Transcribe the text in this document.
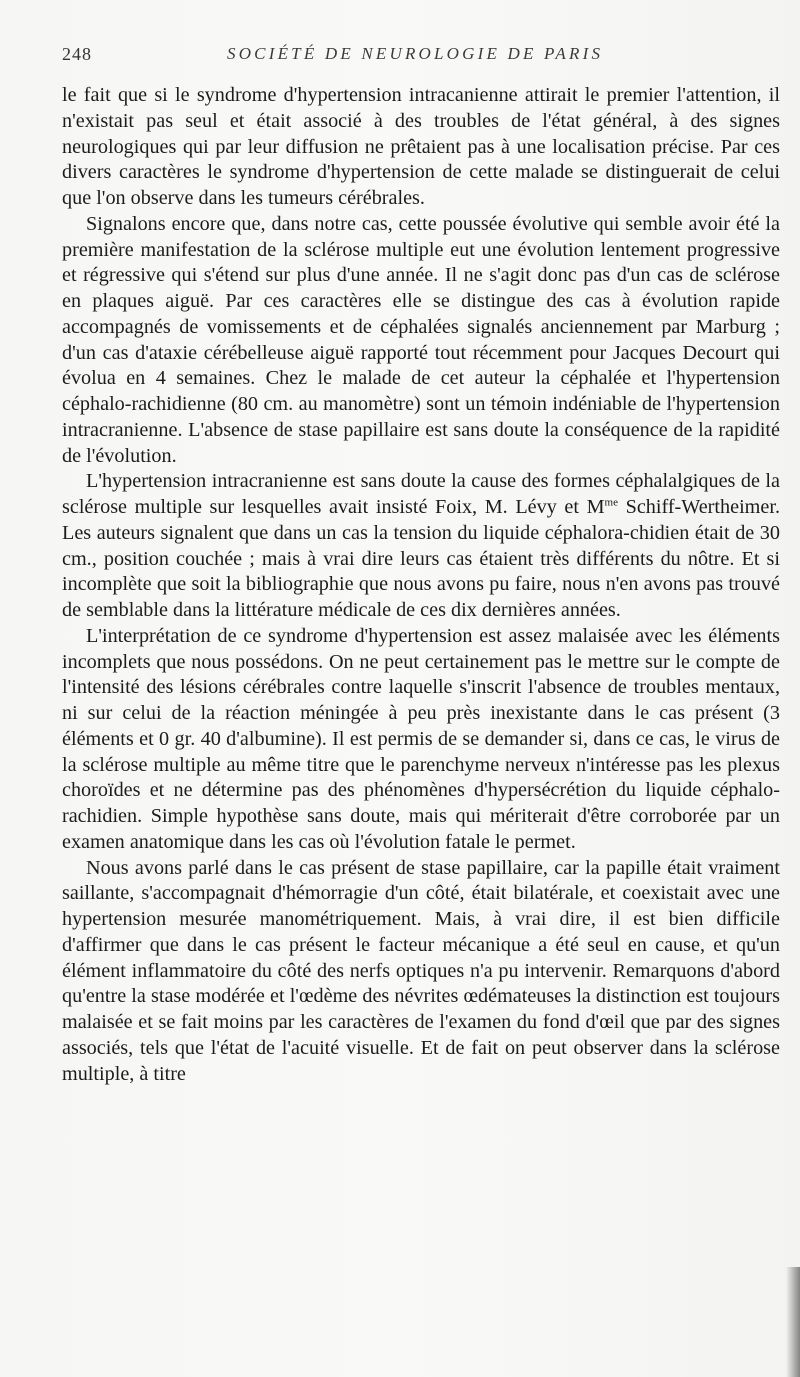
248	SOCIÉTÉ DE NEUROLOGIE DE PARIS

le fait que si le syndrome d'hypertension intracanienne attirait le premier l'attention, il n'existait pas seul et était associé à des troubles de l'état général, à des signes neurologiques qui par leur diffusion ne prêtaient pas à une localisation précise. Par ces divers caractères le syndrome d'hypertension de cette malade se distinguerait de celui que l'on observe dans les tumeurs cérébrales.

Signalons encore que, dans notre cas, cette poussée évolutive qui semble avoir été la première manifestation de la sclérose multiple eut une évolution lentement progressive et régressive qui s'étend sur plus d'une année. Il ne s'agit donc pas d'un cas de sclérose en plaques aiguë. Par ces caractères elle se distingue des cas à évolution rapide accompagnés de vomissements et de céphalées signalés anciennement par Marburg ; d'un cas d'ataxie cérébelleuse aiguë rapporté tout récemment pour Jacques Decourt qui évolua en 4 semaines. Chez le malade de cet auteur la céphalée et l'hypertension céphalo-rachidienne (80 cm. au manomètre) sont un témoin indéniable de l'hypertension intracranienne. L'absence de stase papillaire est sans doute la conséquence de la rapidité de l'évolution.

L'hypertension intracranienne est sans doute la cause des formes céphalalgiques de la sclérose multiple sur lesquelles avait insisté Foix, M. Lévy et $M^{me}$ Schiff-Wertheimer. Les auteurs signalent que dans un cas la tension du liquide céphalora-chidien était de 30 cm., position couchée ; mais à vrai dire leurs cas étaient très différents du nôtre. Et si incomplète que soit la bibliographie que nous avons pu faire, nous n'en avons pas trouvé de semblable dans la littérature médicale de ces dix dernières années.

L'interprétation de ce syndrome d'hypertension est assez malaisée avec les éléments incomplets que nous possédons. On ne peut certainement pas le mettre sur le compte de l'intensité des lésions cérébrales contre laquelle s'inscrit l'absence de troubles mentaux, ni sur celui de la réaction méningée à peu près inexistante dans le cas présent (3 éléments et 0 gr. 40 d'albumine). Il est permis de se demander si, dans ce cas, le virus de la sclérose multiple au même titre que le parenchyme nerveux n'intéresse pas les plexus choroïdes et ne détermine pas des phénomènes d'hypersécrétion du liquide céphalo-rachidien. Simple hypothèse sans doute, mais qui mériterait d'être corroborée par un examen anatomique dans les cas où l'évolution fatale le permet.

Nous avons parlé dans le cas présent de stase papillaire, car la papille était vraiment saillante, s'accompagnait d'hémorragie d'un côté, était bilatérale, et coexistait avec une hypertension mesurée manométriquement. Mais, à vrai dire, il est bien difficile d'affirmer que dans le cas présent le facteur mécanique a été seul en cause, et qu'un élément inflammatoire du côté des nerfs optiques n'a pu intervenir. Remarquons d'abord qu'entre la stase modérée et l'œdème des névrites œdémateuses la distinction est toujours malaisée et se fait moins par les caractères de l'examen du fond d'œil que par des signes associés, tels que l'état de l'acuité visuelle. Et de fait on peut observer dans la sclérose multiple, à titre
